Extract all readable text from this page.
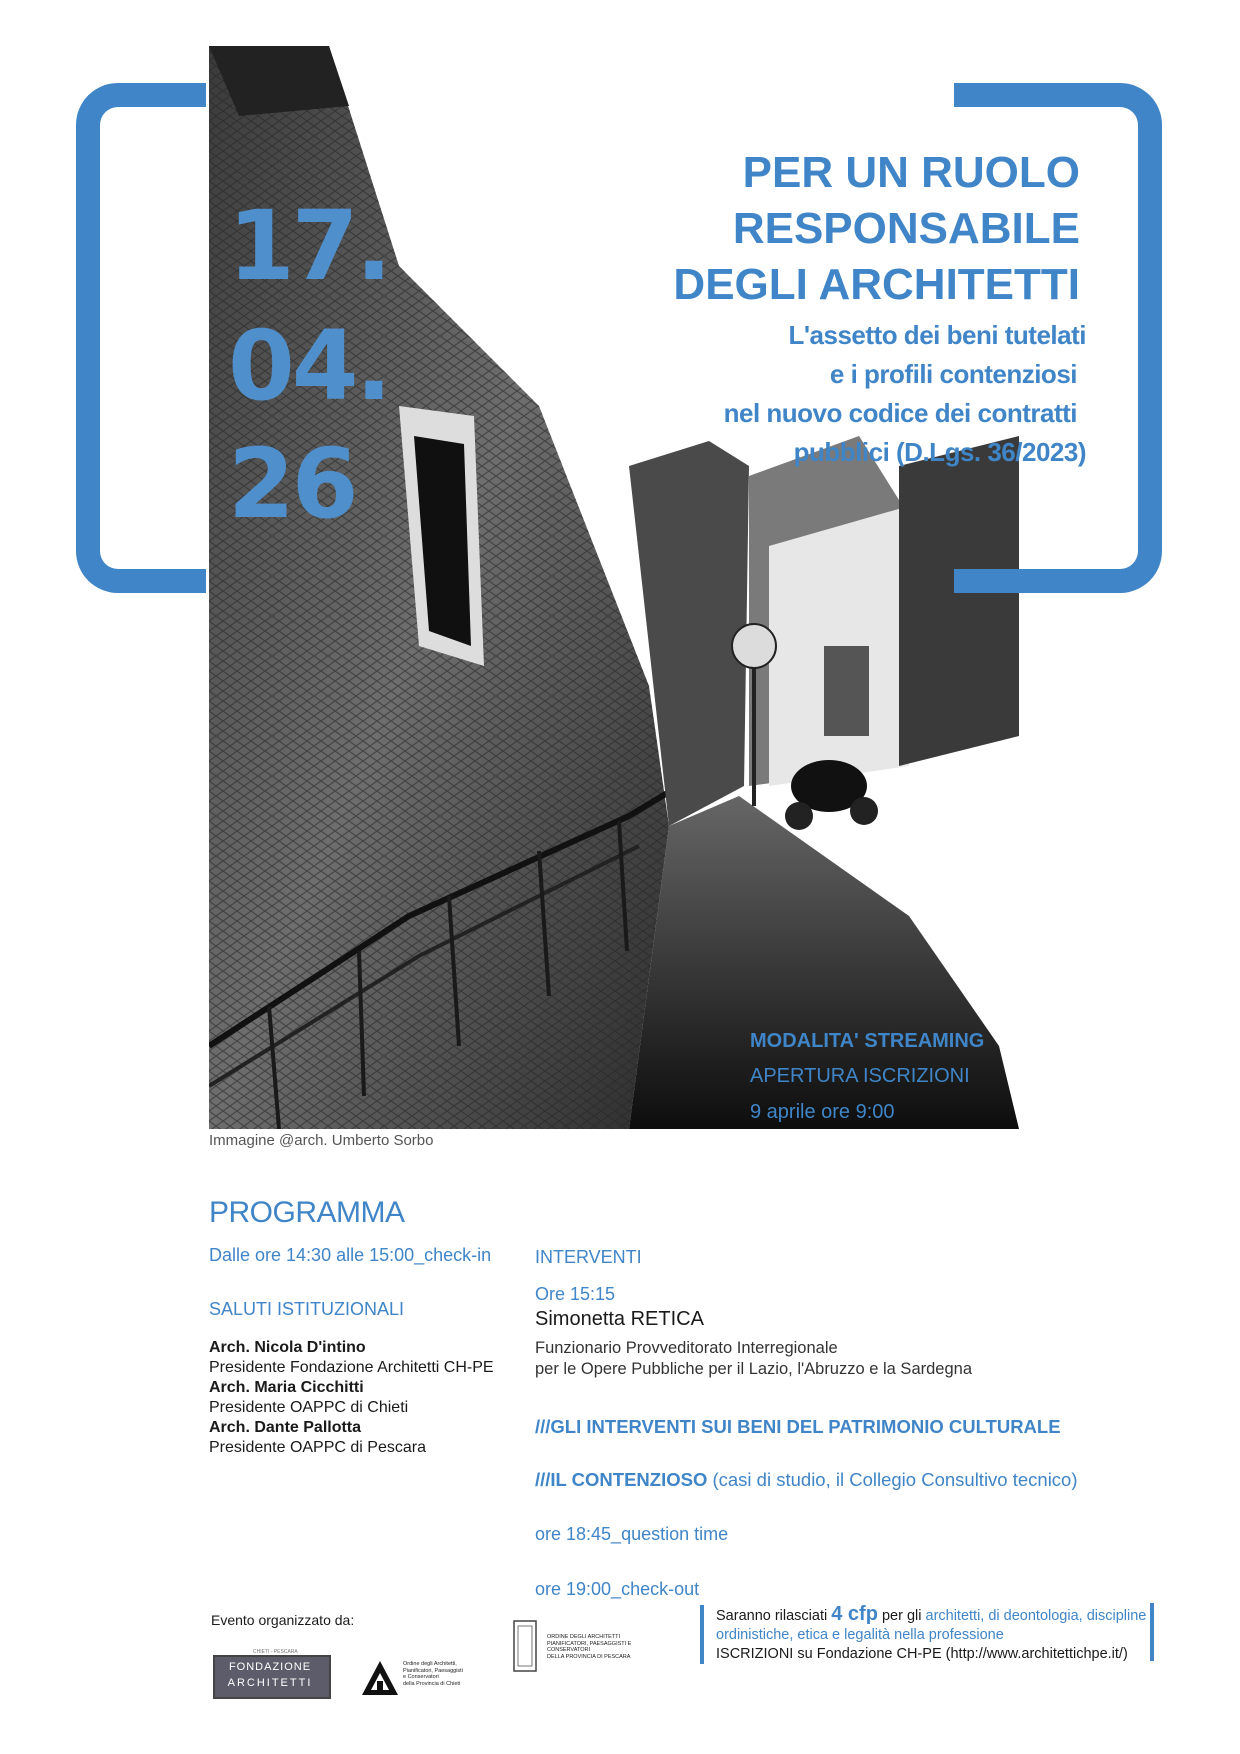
17.
04.
26
PER UN RUOLO
RESPONSABILE
DEGLI ARCHITETTI
L'assetto dei beni tutelati
e i profili contenziosi
nel nuovo codice dei contratti
pubblici (D.Lgs. 36/2023)
MODALITA' STREAMING
APERTURA ISCRIZIONI
9 aprile ore 9:00
Immagine @arch. Umberto Sorbo
PROGRAMMA
Dalle ore 14:30 alle 15:00_check-in
SALUTI ISTITUZIONALI
Arch. Nicola D'intino
Presidente Fondazione Architetti CH-PE
Arch. Maria Cicchitti
Presidente OAPPC di Chieti
Arch. Dante Pallotta
Presidente OAPPC di Pescara
INTERVENTI
Ore 15:15
Simonetta RETICA
Funzionario Provveditorato Interregionale
per le Opere Pubbliche per il Lazio, l'Abruzzo e la Sardegna
///GLI INTERVENTI SUI BENI DEL PATRIMONIO CULTURALE
///IL CONTENZIOSO (casi di studio, il Collegio Consultivo tecnico)
ore 18:45_question time
ore 19:00_check-out
Evento organizzato da:
CHIETI - PESCARA
FONDAZIONE
ARCHITETTI
Ordine degli Architetti,
Pianificatori, Paesaggisti
e Conservatori
della Provincia di Chieti
ORDINE DEGLI ARCHITETTI
PIANIFICATORI, PAESAGGISTI E
CONSERVATORI
DELLA PROVINCIA DI PESCARA
Saranno rilasciati 4 cfp per gli architetti, di deontologia, discipline ordinistiche, etica e legalità nella professione
ISCRIZIONI su Fondazione CH-PE (http://www.architettichpe.it/)
